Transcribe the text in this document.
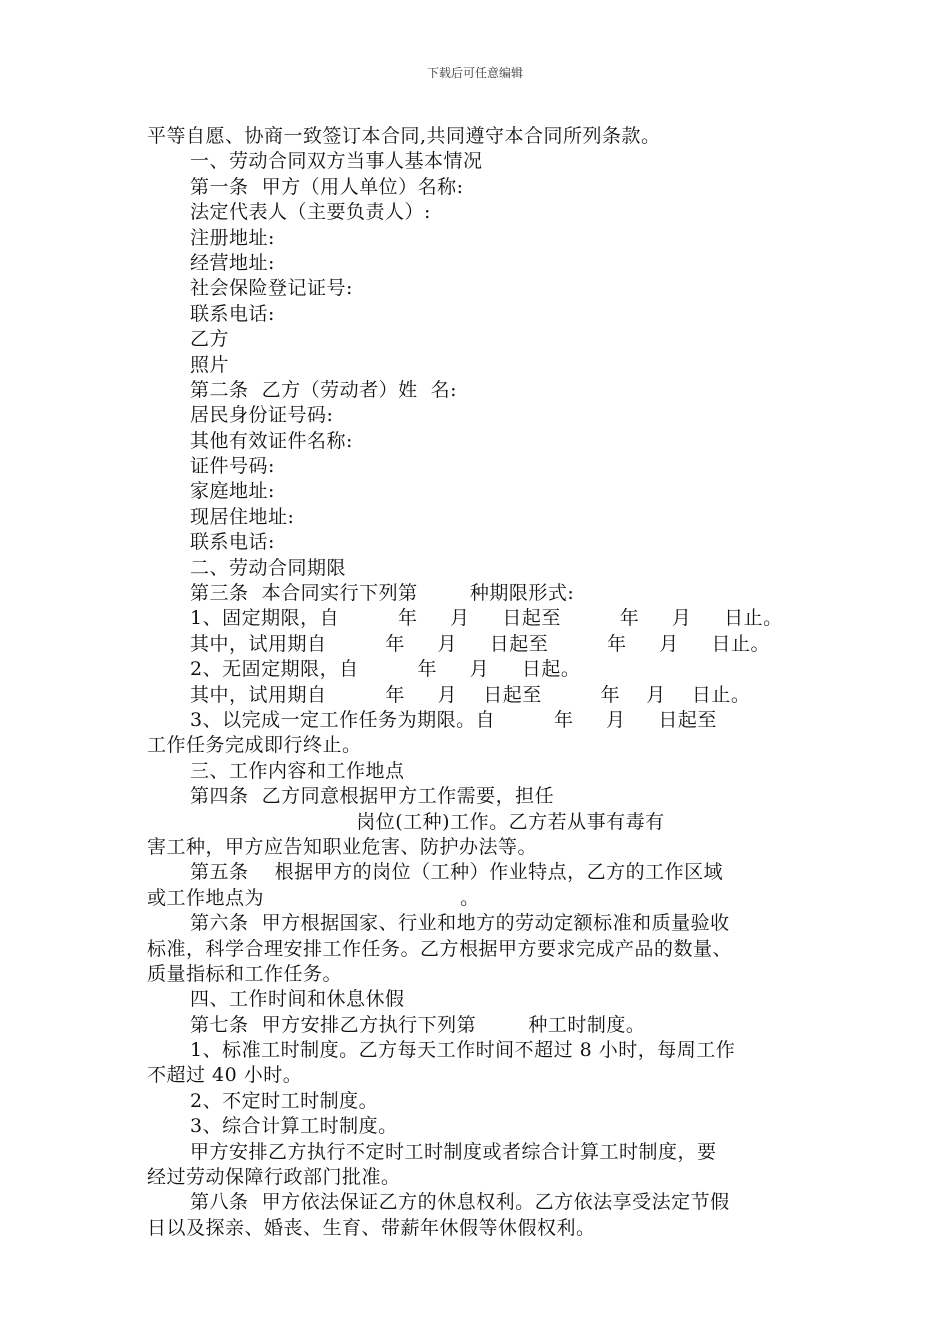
下载后可任意编辑
平等自愿、协商一致签订本合同,共同遵守本合同所列条款。
一、劳动合同双方当事人基本情况
第一条  甲方（用人单位）名称:
法定代表人（主要负责人）:
注册地址:
经营地址:
社会保险登记证号:
联系电话:
乙方
照片
第二条  乙方（劳动者）姓  名:
居民身份证号码:
其他有效证件名称:
证件号码:
家庭地址:
现居住地址:
联系电话:
二、劳动合同期限
第三条  本合同实行下列第        种期限形式:
1、固定期限，自         年     月     日起至         年     月     日止。
其中，试用期自         年     月     日起至         年     月     日止。
2、无固定期限，自         年     月     日起。
其中，试用期自         年     月    日起至         年    月    日止。
3、以完成一定工作任务为期限。自         年     月     日起至
工作任务完成即行终止。
三、工作内容和工作地点
第四条  乙方同意根据甲方工作需要，担任
岗位(工种)工作。乙方若从事有毒有
害工种，甲方应告知职业危害、防护办法等。
第五条    根据甲方的岗位（工种）作业特点，乙方的工作区域
或工作地点为                              。
第六条  甲方根据国家、行业和地方的劳动定额标准和质量验收
标准，科学合理安排工作任务。乙方根据甲方要求完成产品的数量、
质量指标和工作任务。
四、工作时间和休息休假
第七条  甲方安排乙方执行下列第        种工时制度。
1、标准工时制度。乙方每天工作时间不超过 8 小时，每周工作
不超过 40 小时。
2、不定时工时制度。
3、综合计算工时制度。
甲方安排乙方执行不定时工时制度或者综合计算工时制度，要
经过劳动保障行政部门批准。
第八条  甲方依法保证乙方的休息权利。乙方依法享受法定节假
日以及探亲、婚丧、生育、带薪年休假等休假权利。
